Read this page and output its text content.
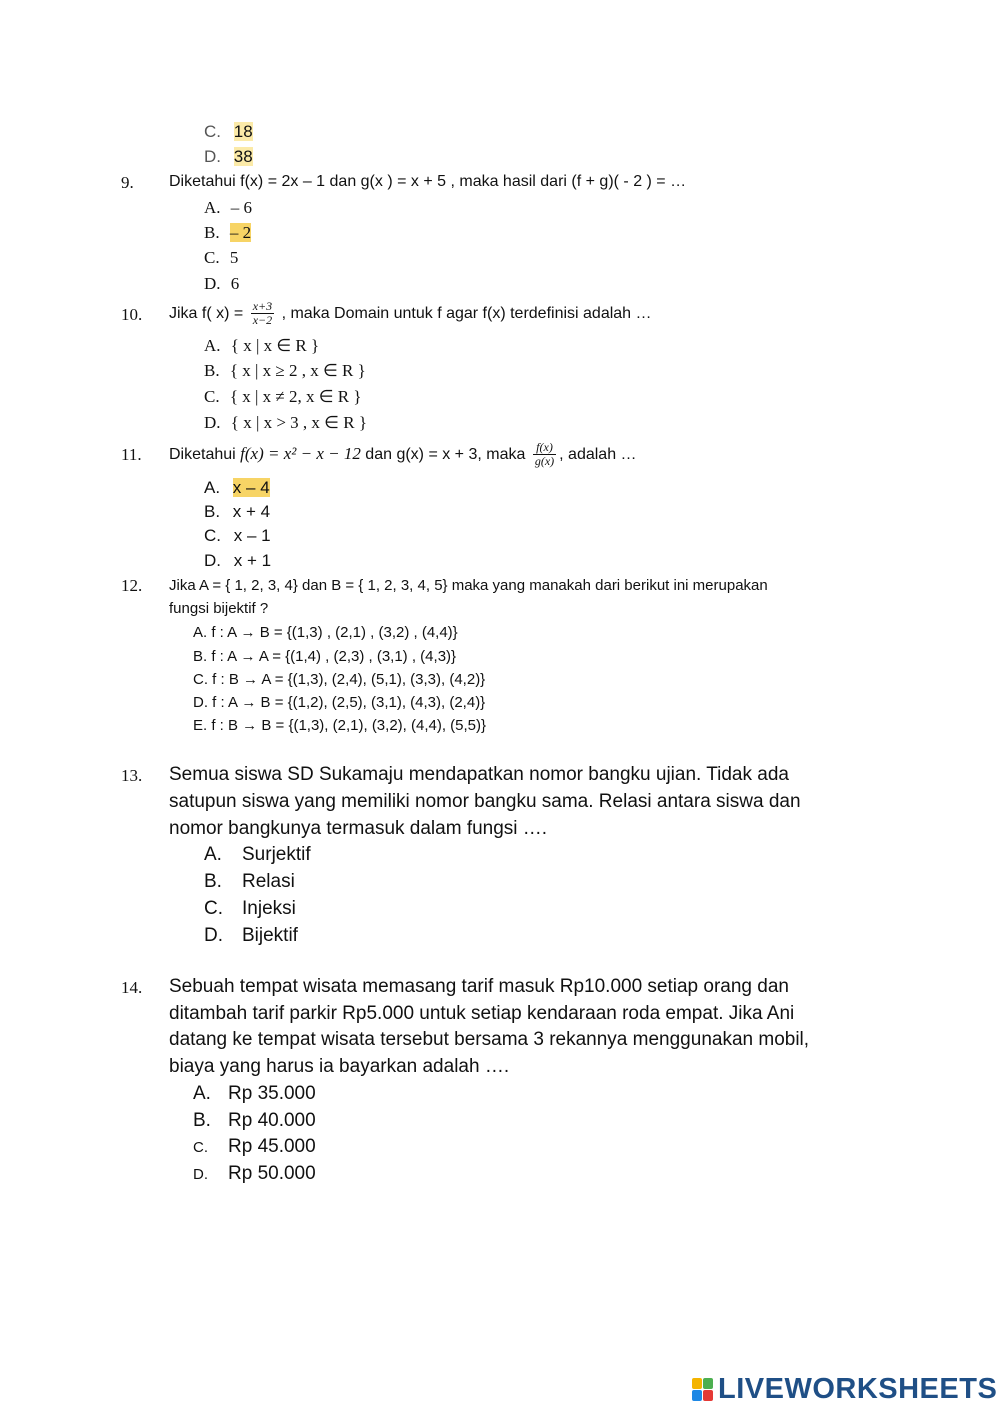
C. 18
D. 38
9. Diketahui f(x) = 2x – 1 dan g(x ) = x + 5 , maka hasil dari (f + g)( - 2 ) = …
A. – 6
B. – 2
C. 5
D. 6
10. Jika f( $x) = \frac{x+3}{x-2}$ , maka Domain untuk f agar f(x) terdefinisi adalah …
A. { x | x ∈ R }
B. { x | x ≥ 2 , x ∈ R }
C. { x | x ≠ 2, x ∈ R }
D. { x | x > 3 , x ∈ R }
11. Diketahui f(x) = x² − x − 12 dan g(x) = x + 3, maka $\frac{f(x)}{g(x)}$ , adalah …
A. x – 4
B. x + 4
C. x – 1
D. x + 1
12. Jika A = { 1, 2, 3, 4} dan B = { 1, 2, 3, 4, 5} maka yang manakah dari berikut ini merupakan
fungsi bijektif ?
A. f : A → B = {(1,3) , (2,1) , (3,2) , (4,4)}
B. f : A → A = {(1,4) , (2,3) , (3,1) , (4,3)}
C. f : B → A = {(1,3), (2,4), (5,1), (3,3), (4,2)}
D. f : A → B = {(1,2), (2,5), (3,1), (4,3), (2,4)}
E. f : B → B = {(1,3), (2,1), (3,2), (4,4), (5,5)}
13. Semua siswa SD Sukamaju mendapatkan nomor bangku ujian. Tidak ada
satupun siswa yang memiliki nomor bangku sama. Relasi antara siswa dan
nomor bangkunya termasuk dalam fungsi ….
A. Surjektif
B. Relasi
C. Injeksi
D. Bijektif
14. Sebuah tempat wisata memasang tarif masuk Rp10.000 setiap orang dan
ditambah tarif parkir Rp5.000 untuk setiap kendaraan roda empat. Jika Ani
datang ke tempat wisata tersebut bersama 3 rekannya menggunakan mobil,
biaya yang harus ia bayarkan adalah ….
A. Rp 35.000
B. Rp 40.000
C. Rp 45.000
D. Rp 50.000
LIVEWORKSHEETS
